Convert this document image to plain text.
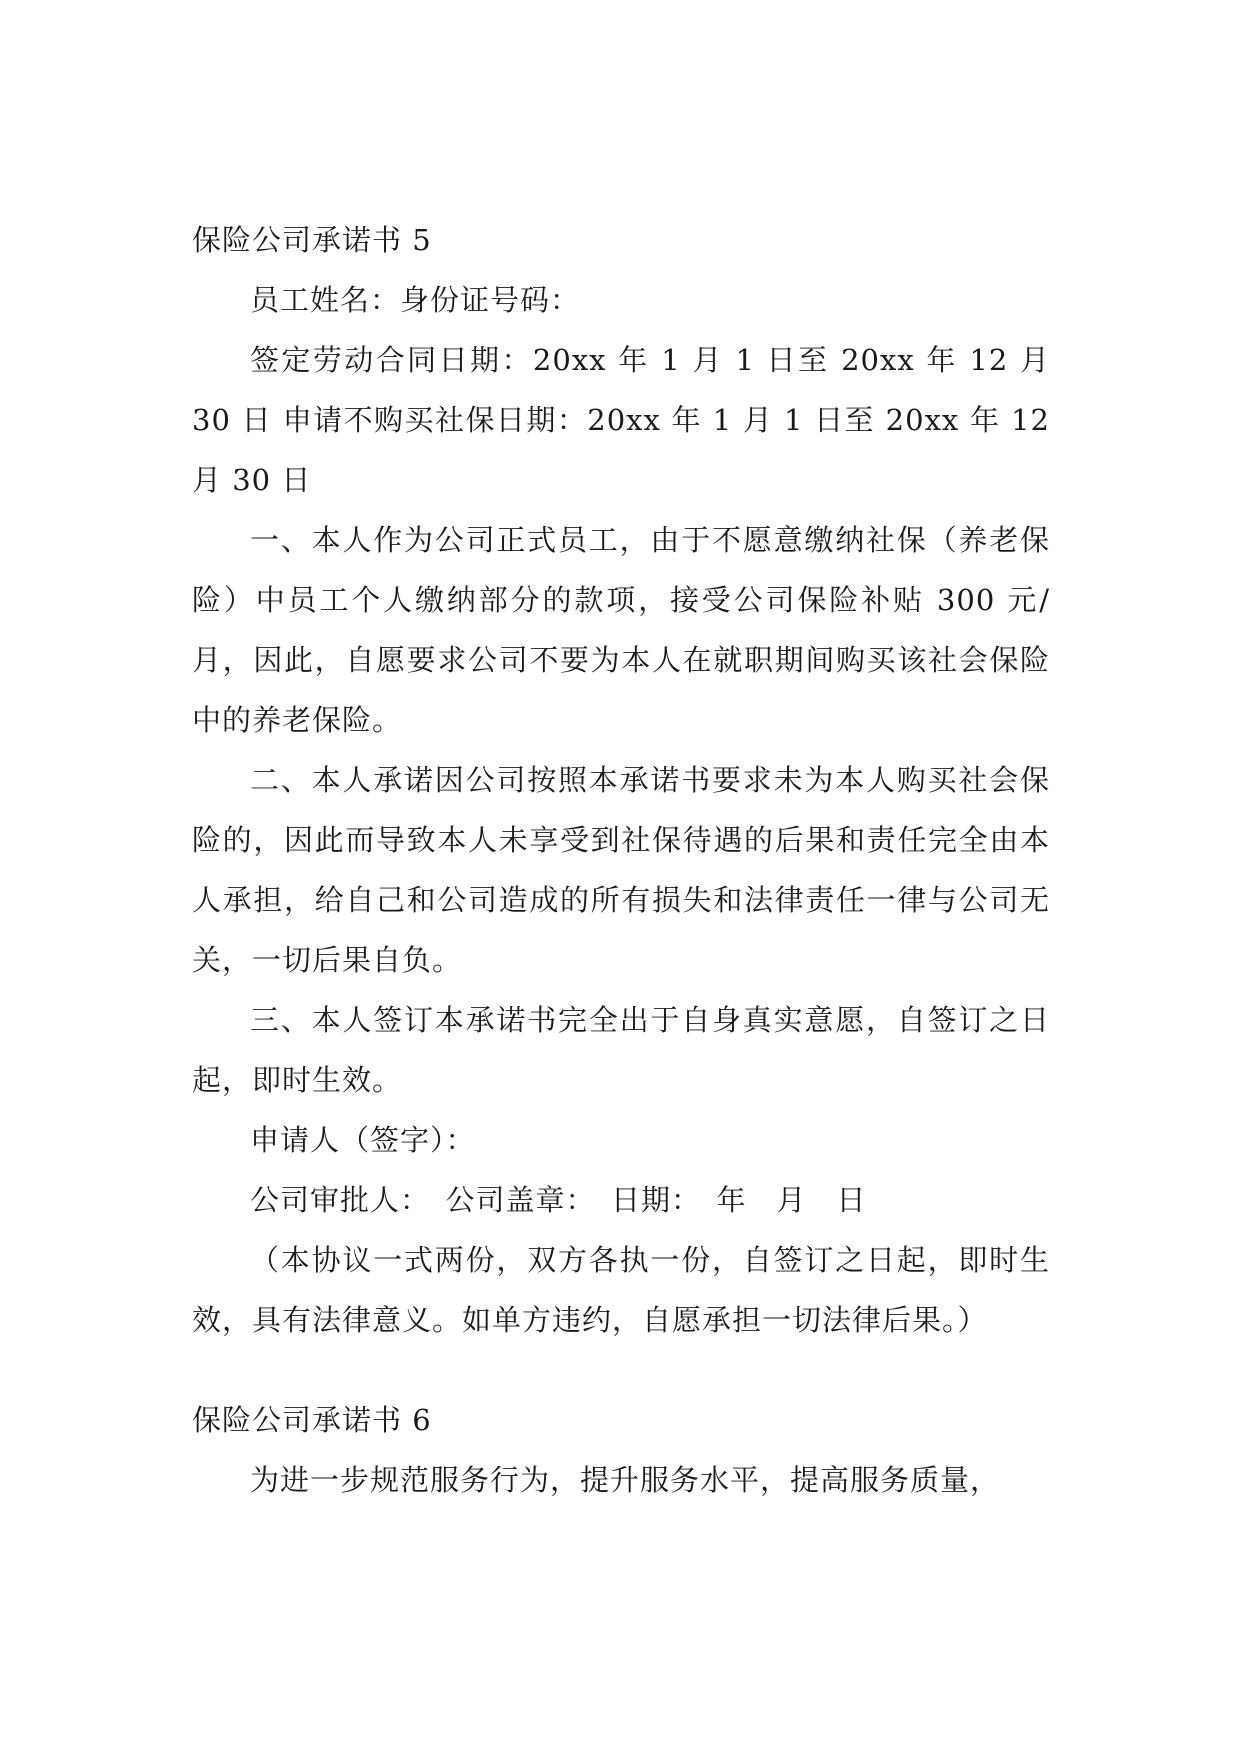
保险公司承诺书 5
员工姓名：身份证号码：
签定劳动合同日期：20xx 年 1 月 1 日至 20xx 年 12 月 30 日 申请不购买社保日期：20xx 年 1 月 1 日至 20xx 年 12 月 30 日
一、本人作为公司正式员工，由于不愿意缴纳社保（养老保险）中员工个人缴纳部分的款项，接受公司保险补贴 300 元/月，因此，自愿要求公司不要为本人在就职期间购买该社会保险中的养老保险。
二、本人承诺因公司按照本承诺书要求未为本人购买社会保险的，因此而导致本人未享受到社保待遇的后果和责任完全由本人承担，给自己和公司造成的所有损失和法律责任一律与公司无关，一切后果自负。
三、本人签订本承诺书完全出于自身真实意愿，自签订之日起，即时生效。
申请人（签字）：
公司审批人：　公司盖章：　日期：　年　月　日
（本协议一式两份，双方各执一份，自签订之日起，即时生效，具有法律意义。如单方违约，自愿承担一切法律后果。）
保险公司承诺书 6
为进一步规范服务行为，提升服务水平，提高服务质量，
